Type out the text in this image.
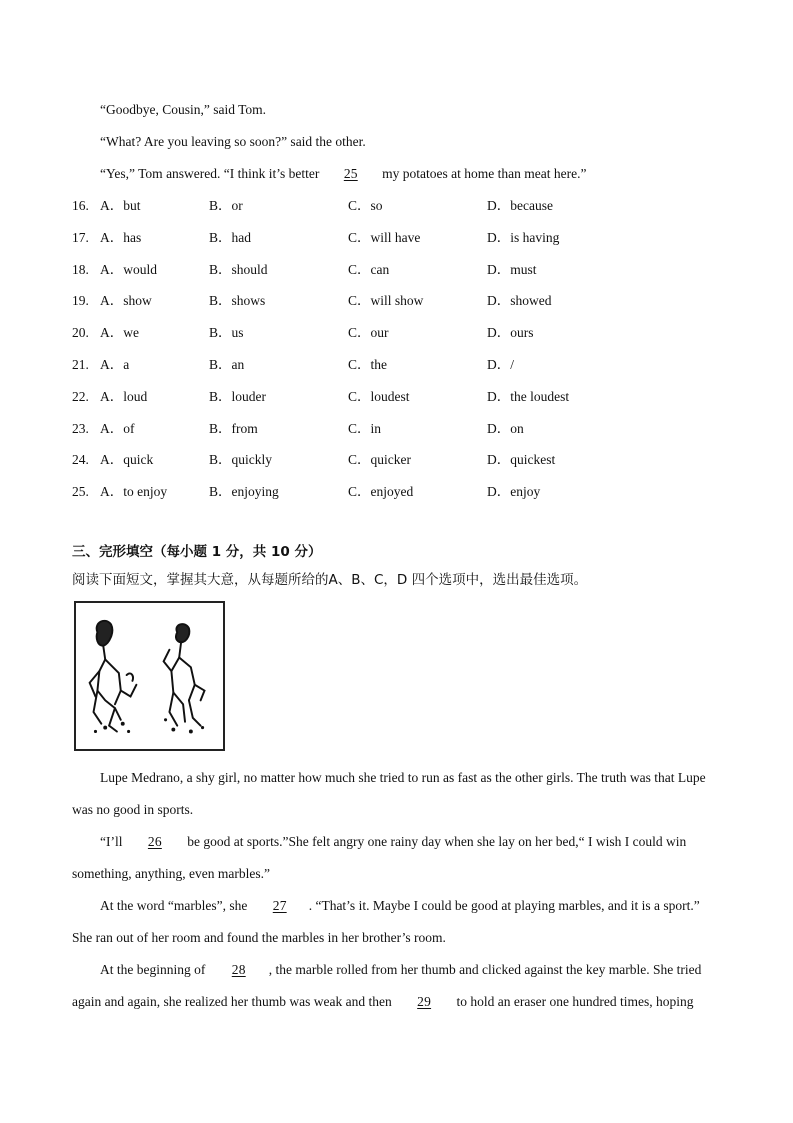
“Goodbye, Cousin,” said Tom.
“What? Are you leaving so soon?” said the other.
“Yes,” Tom answered. “I think it’s better 25 my potatoes at home than meat here.”
16. A．but	B．or	C．so	D．because
17. A．has	B．had	C．will have	D．is having
18. A．would	B．should	C．can	D．must
19. A．show	B．shows	C．will show	D．showed
20. A．we	B．us	C．our	D．ours
21. A．a	B．an	C．the	D．/
22. A．loud	B．louder	C．loudest	D．the loudest
23. A．of	B．from	C．in	D．on
24. A．quick	B．quickly	C．quicker	D．quickest
25. A．to enjoy	B．enjoying	C．enjoyed	D．enjoy
三、完形填空（每小题 1 分，共 10 分）
阅读下面短文，掌握其大意，从每题所给的A、B、C，D 四个选项中，选出最佳选项。
Lupe Medrano, a shy girl, no matter how much she tried to run as fast as the other girls. The truth was that Lupe
was no good in sports.
“I’ll 26 be good at sports.”She felt angry one rainy day when she lay on her bed,“ I wish I could win
something, anything, even marbles.”
At the word “marbles”, she 27 . “That’s it. Maybe I could be good at playing marbles, and it is a sport.”
She ran out of her room and found the marbles in her brother’s room.
At the beginning of 28 , the marble rolled from her thumb and clicked against the key marble. She tried
again and again, she realized her thumb was weak and then 29 to hold an eraser one hundred times, hoping
